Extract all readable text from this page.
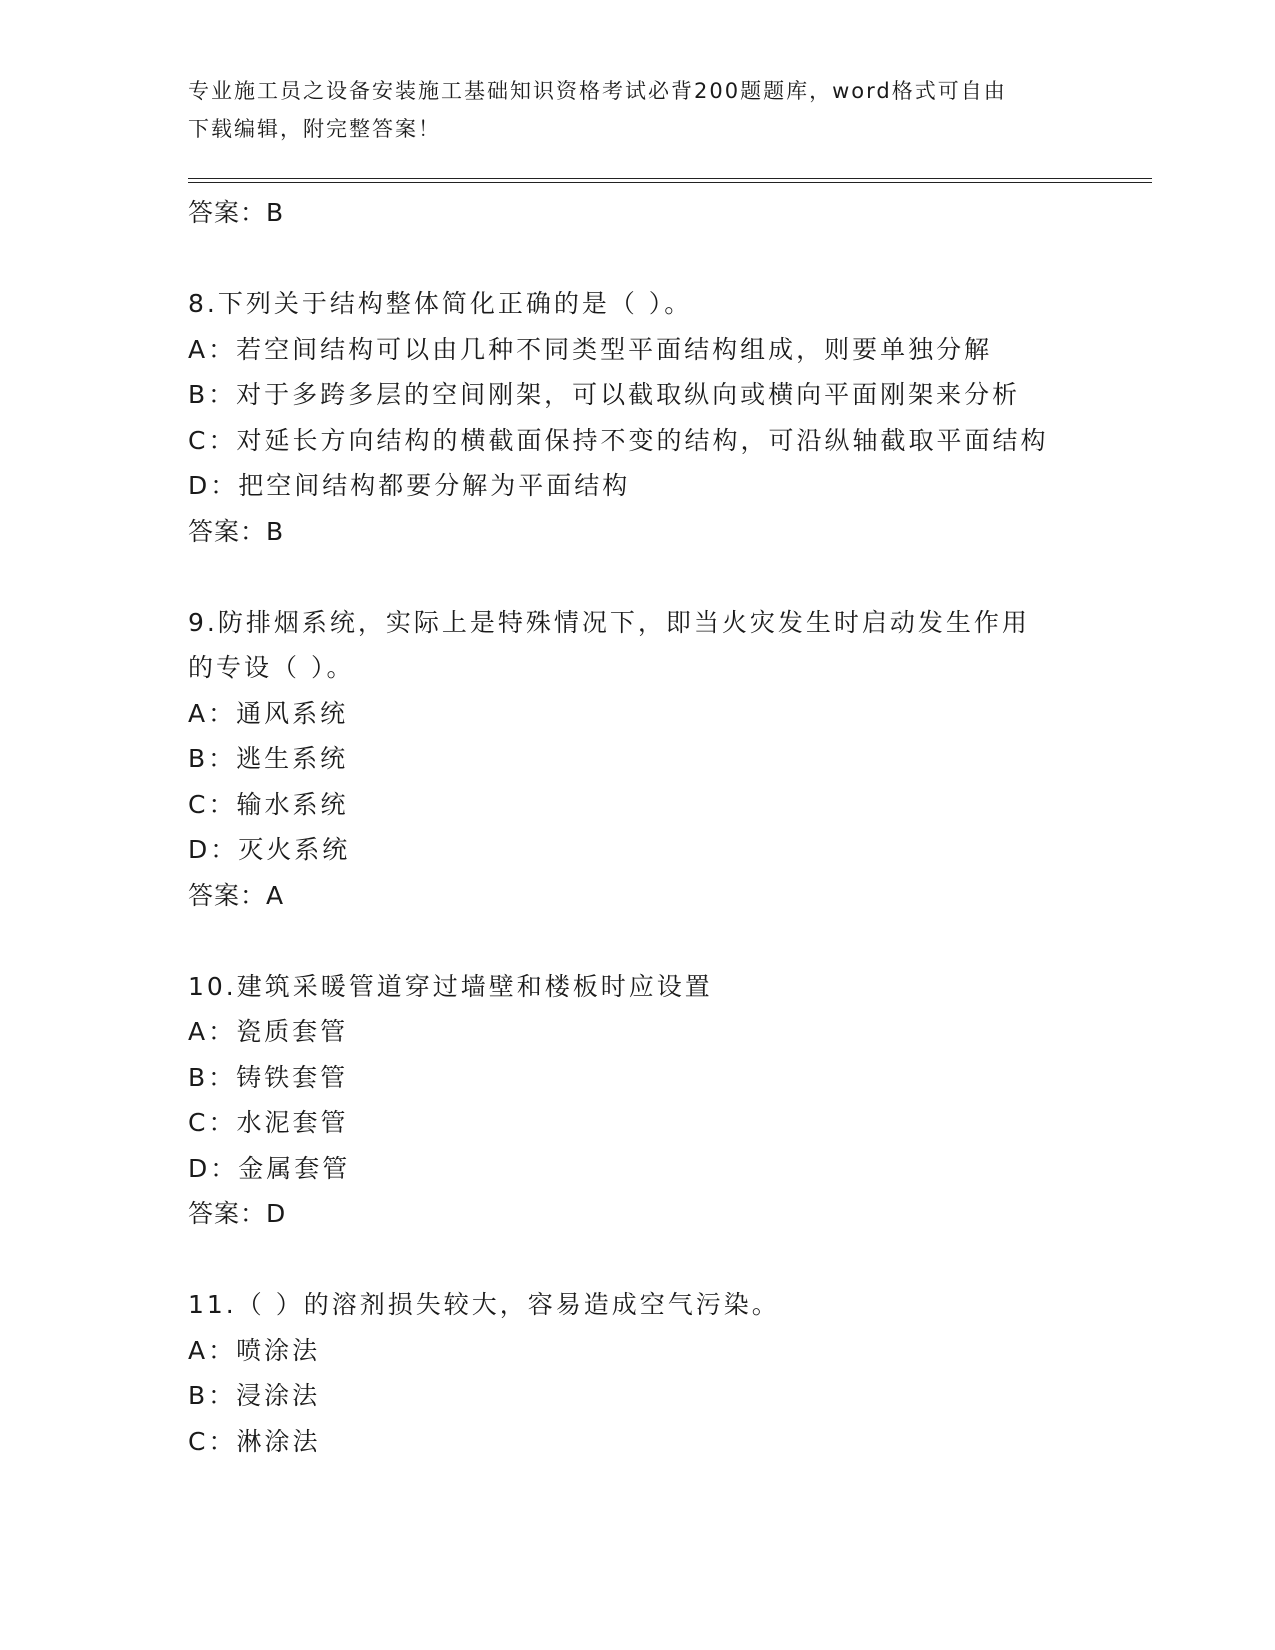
专业施工员之设备安装施工基础知识资格考试必背200题题库，word格式可自由
下载编辑，附完整答案！
答案：B
8.下列关于结构整体简化正确的是（ ）。
A：若空间结构可以由几种不同类型平面结构组成，则要单独分解
B：对于多跨多层的空间刚架，可以截取纵向或横向平面刚架来分析
C：对延长方向结构的横截面保持不变的结构，可沿纵轴截取平面结构
D：把空间结构都要分解为平面结构
答案：B
9.防排烟系统，实际上是特殊情况下，即当火灾发生时启动发生作用
的专设（ ）。
A：通风系统
B：逃生系统
C：输水系统
D：灭火系统
答案：A
10.建筑采暖管道穿过墙壁和楼板时应设置
A：瓷质套管
B：铸铁套管
C：水泥套管
D：金属套管
答案：D
11.（ ）的溶剂损失较大，容易造成空气污染。
A：喷涂法
B：浸涂法
C：淋涂法
